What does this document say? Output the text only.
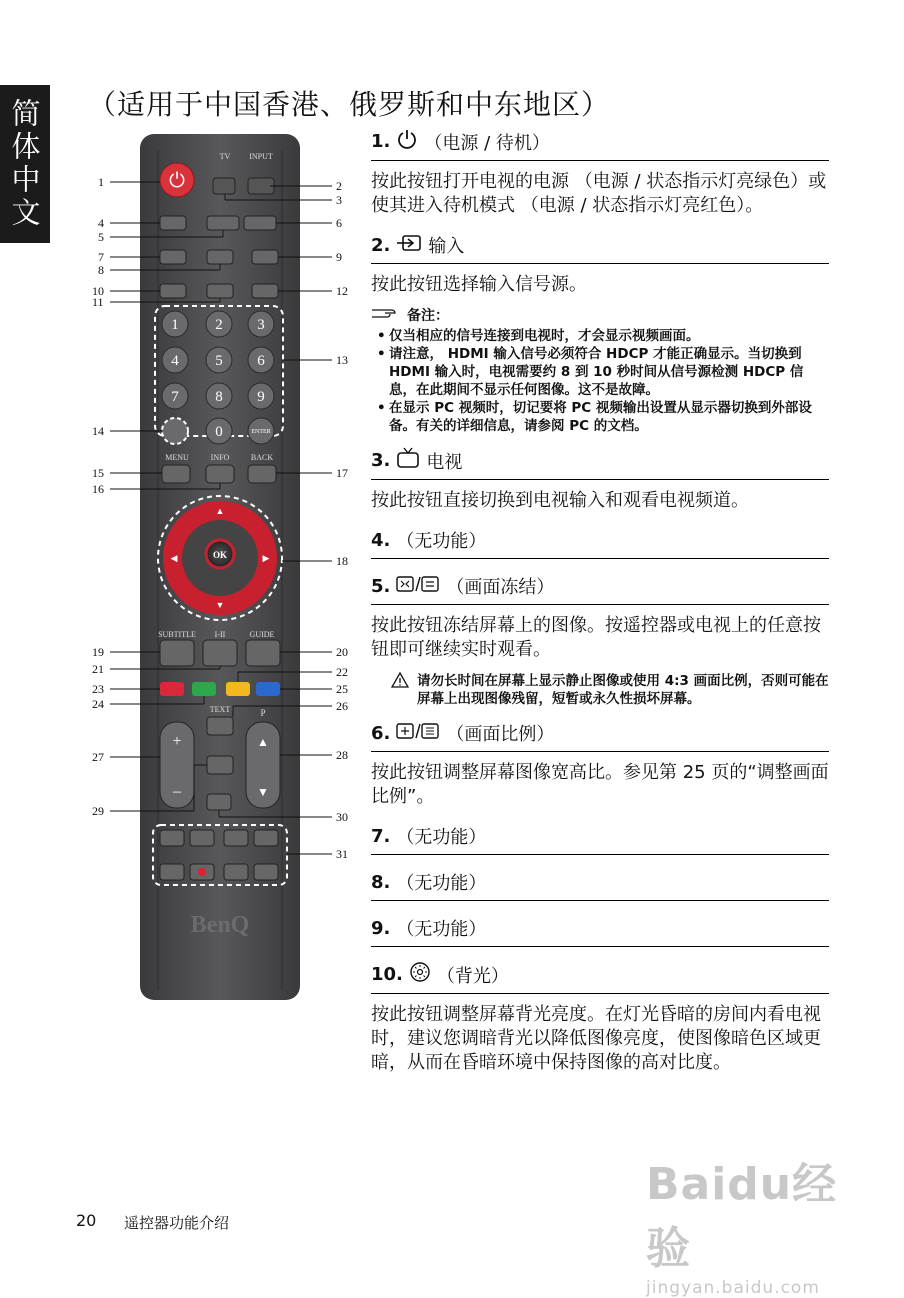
简体中文 （适用于中国香港、俄罗斯和中东地区）
⏻
TV INPUT
1 2 3
4 5 6
7 8 9
0	ENTER
MENU	INFO	BACK
OK
▲
▼
◀	▶
SUBTITLE I-II	GUIDE
TEXT	P
+
–
▲
▼
BenQ
1	2
3
4
5
6
7
8
9
10
11
12
13
14
15
16
17
18
19	20
21	22
23
24
25
26
27	28
29	30
31
1. （电源 / 待机）
按此按钮打开电视的电源 （电源 / 状态指示灯亮绿色）或使其进入待机模式 （电源 / 状态指示灯亮红色）。
2. 输入
按此按钮选择输入信号源。
备注：
• 仅当相应的信号连接到电视时，才会显示视频画面。
• 请注意， HDMI 输入信号必须符合 HDCP 才能正确显示。当切换到 HDMI 输入时，电视需要约 8 到 10 秒时间从信号源检测 HDCP 信息，在此期间不显示任何图像。这不是故障。
• 在显示 PC 视频时，切记要将 PC 视频输出设置从显示器切换到外部设备。有关的详细信息，请参阅 PC 的文档。
3. 电视
按此按钮直接切换到电视输入和观看电视频道。
4. （无功能）
5.	（画面冻结）
按此按钮冻结屏幕上的图像。按遥控器或电视上的任意按钮即可继续实时观看。
请勿长时间在屏幕上显示静止图像或使用 4:3 画面比例，否则可能在屏幕上出现图像残留，短暂或永久性损坏屏幕。
6.	（画面比例）
按此按钮调整屏幕图像宽高比。参见第 25 页的“调整画面比例”。
7. （无功能）
8. （无功能）
9. （无功能）
10. （背光）
按此按钮调整屏幕背光亮度。在灯光昏暗的房间内看电视时，建议您调暗背光以降低图像亮度，使图像暗色区域更暗，从而在昏暗环境中保持图像的高对比度。
20 遥控器功能介绍
Baidu经验
jingyan.baidu.com
